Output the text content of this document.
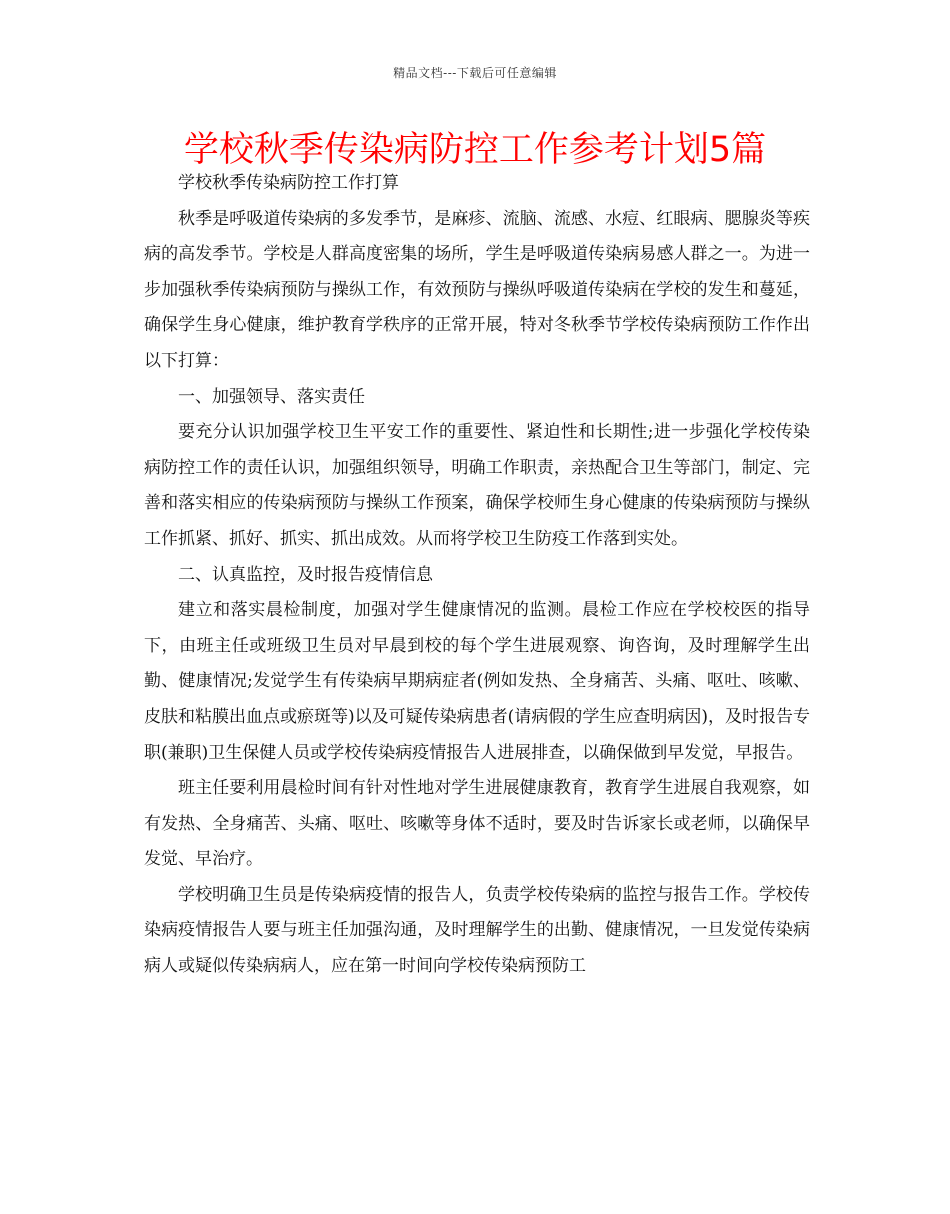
精品文档---下载后可任意编辑
学校秋季传染病防控工作参考计划5篇

学校秋季传染病防控工作打算

秋季是呼吸道传染病的多发季节，是麻疹、流脑、流感、水痘、红眼病、腮腺炎等疾病的高发季节。学校是人群高度密集的场所，学生是呼吸道传染病易感人群之一。为进一步加强秋季传染病预防与操纵工作，有效预防与操纵呼吸道传染病在学校的发生和蔓延，确保学生身心健康，维护教育学秩序的正常开展，特对冬秋季节学校传染病预防工作作出以下打算：

一、加强领导、落实责任

要充分认识加强学校卫生平安工作的重要性、紧迫性和长期性;进一步强化学校传染病防控工作的责任认识，加强组织领导，明确工作职责，亲热配合卫生等部门，制定、完善和落实相应的传染病预防与操纵工作预案，确保学校师生身心健康的传染病预防与操纵工作抓紧、抓好、抓实、抓出成效。从而将学校卫生防疫工作落到实处。

二、认真监控，及时报告疫情信息

建立和落实晨检制度，加强对学生健康情况的监测。晨检工作应在学校校医的指导下，由班主任或班级卫生员对早晨到校的每个学生进展观察、询咨询，及时理解学生出勤、健康情况;发觉学生有传染病早期病症者(例如发热、全身痛苦、头痛、呕吐、咳嗽、皮肤和粘膜出血点或瘀斑等)以及可疑传染病患者(请病假的学生应查明病因)，及时报告专职(兼职)卫生保健人员或学校传染病疫情报告人进展排查，以确保做到早发觉，早报告。

班主任要利用晨检时间有针对性地对学生进展健康教育，教育学生进展自我观察，如有发热、全身痛苦、头痛、呕吐、咳嗽等身体不适时，要及时告诉家长或老师，以确保早发觉、早治疗。

学校明确卫生员是传染病疫情的报告人，负责学校传染病的监控与报告工作。学校传染病疫情报告人要与班主任加强沟通，及时理解学生的出勤、健康情况，一旦发觉传染病病人或疑似传染病病人，应在第一时间向学校传染病预防工
